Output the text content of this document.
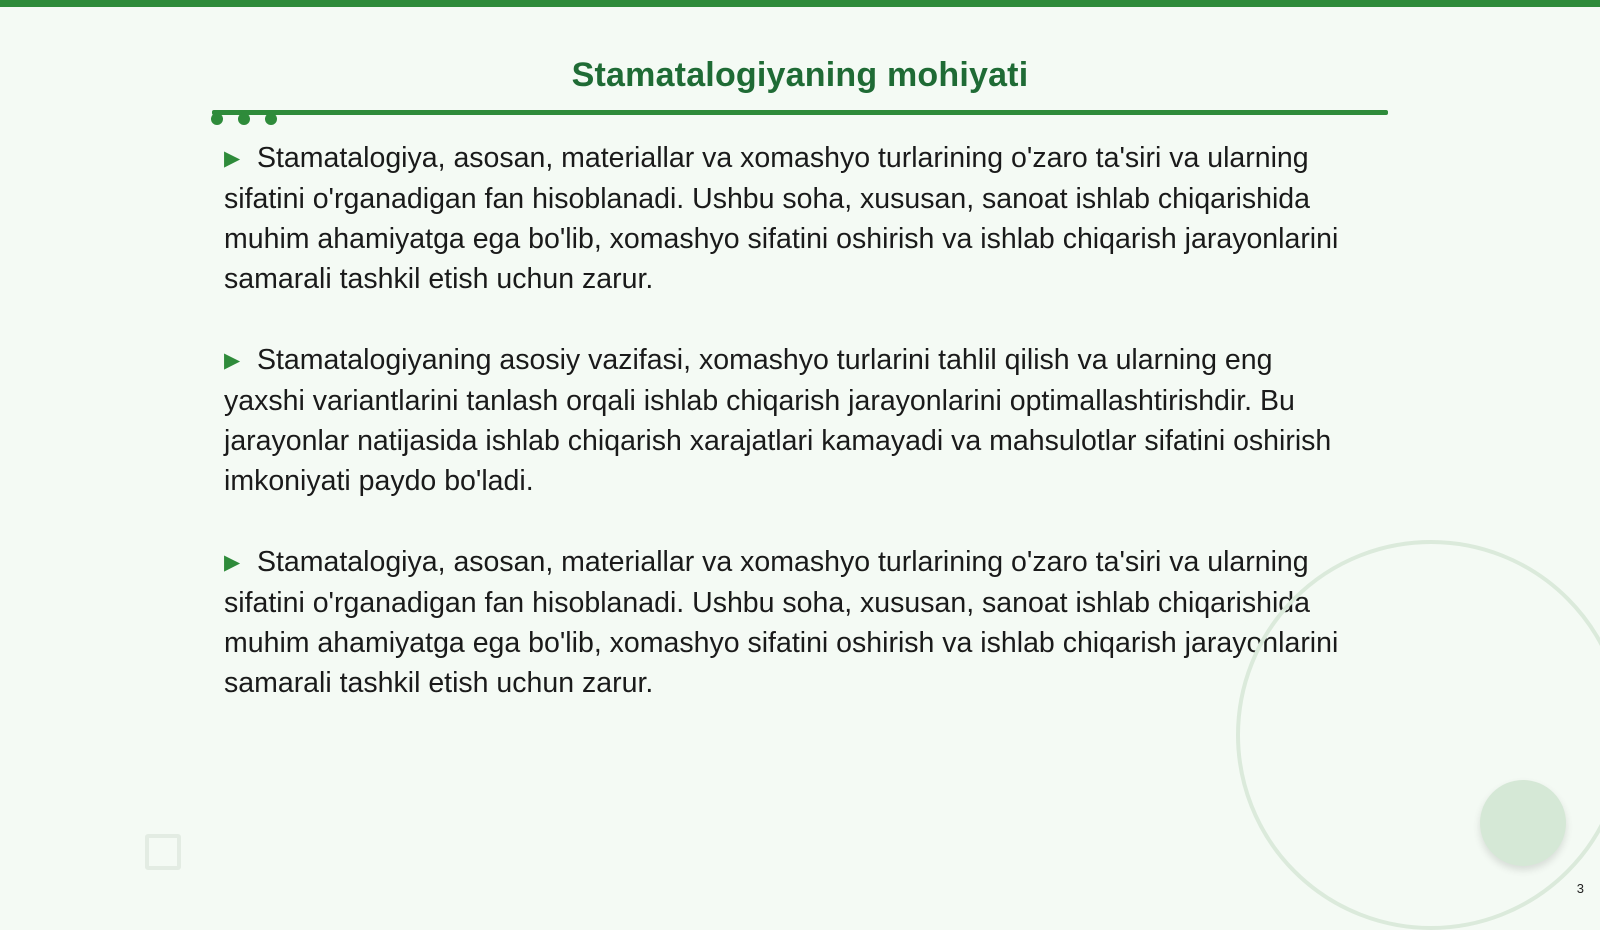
Stamatalogiyaning mohiyati

▶ Stamatalogiya, asosan, materiallar va xomashyo turlarining o'zaro ta'siri va ularning sifatini o'rganadigan fan hisoblanadi. Ushbu soha, xususan, sanoat ishlab chiqarishida muhim ahamiyatga ega bo'lib, xomashyo sifatini oshirish va ishlab chiqarish jarayonlarini samarali tashkil etish uchun zarur.

▶ Stamatalogiyaning asosiy vazifasi, xomashyo turlarini tahlil qilish va ularning eng yaxshi variantlarini tanlash orqali ishlab chiqarish jarayonlarini optimallashtirishdir. Bu jarayonlar natijasida ishlab chiqarish xarajatlari kamayadi va mahsulotlar sifatini oshirish imkoniyati paydo bo'ladi.

▶ Stamatalogiya, asosan, materiallar va xomashyo turlarining o'zaro ta'siri va ularning sifatini o'rganadigan fan hisoblanadi. Ushbu soha, xususan, sanoat ishlab chiqarishida muhim ahamiyatga ega bo'lib, xomashyo sifatini oshirish va ishlab chiqarish jarayonlarini samarali tashkil etish uchun zarur.

3
